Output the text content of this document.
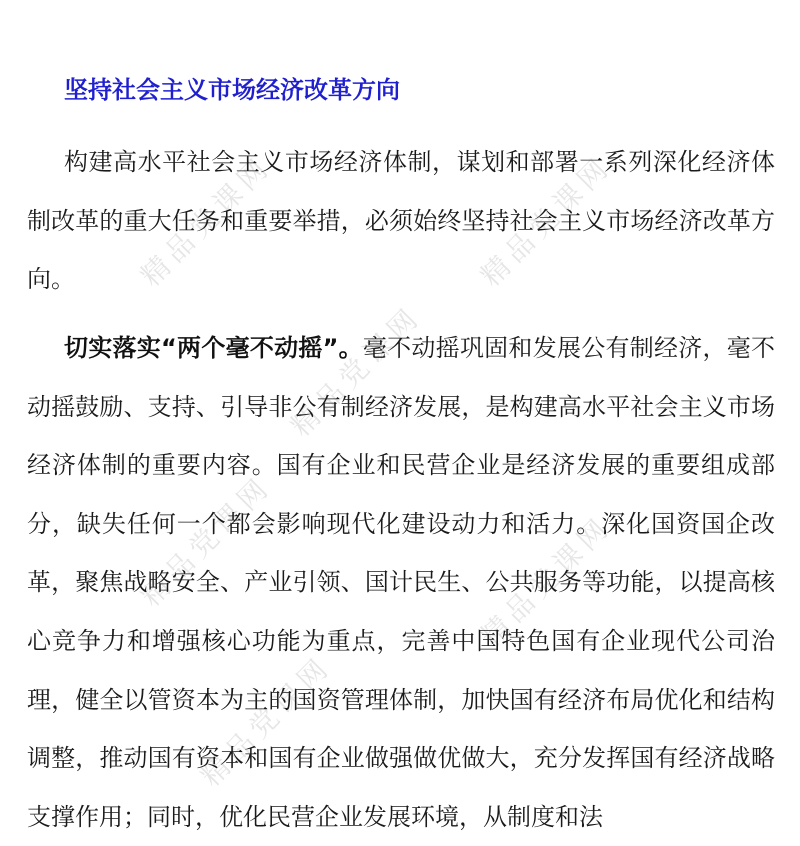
精品党课网	精品党课网
精品党课网
精品党课网	精品党课网
精品党课网
坚持社会主义市场经济改革方向

构建高水平社会主义市场经济体制，谋划和部署一系列深化经济体制改革的重大任务和重要举措，必须始终坚持社会主义市场经济改革方向。

切实落实“两个毫不动摇”。毫不动摇巩固和发展公有制经济，毫不动摇鼓励、支持、引导非公有制经济发展，是构建高水平社会主义市场经济体制的重要内容。国有企业和民营企业是经济发展的重要组成部分，缺失任何一个都会影响现代化建设动力和活力。深化国资国企改革，聚焦战略安全、产业引领、国计民生、公共服务等功能，以提高核心竞争力和增强核心功能为重点，完善中国特色国有企业现代公司治理，健全以管资本为主的国资管理体制，加快国有经济布局优化和结构调整，推动国有资本和国有企业做强做优做大，充分发挥国有经济战略支撑作用；同时，优化民营企业发展环境，从制度和法
